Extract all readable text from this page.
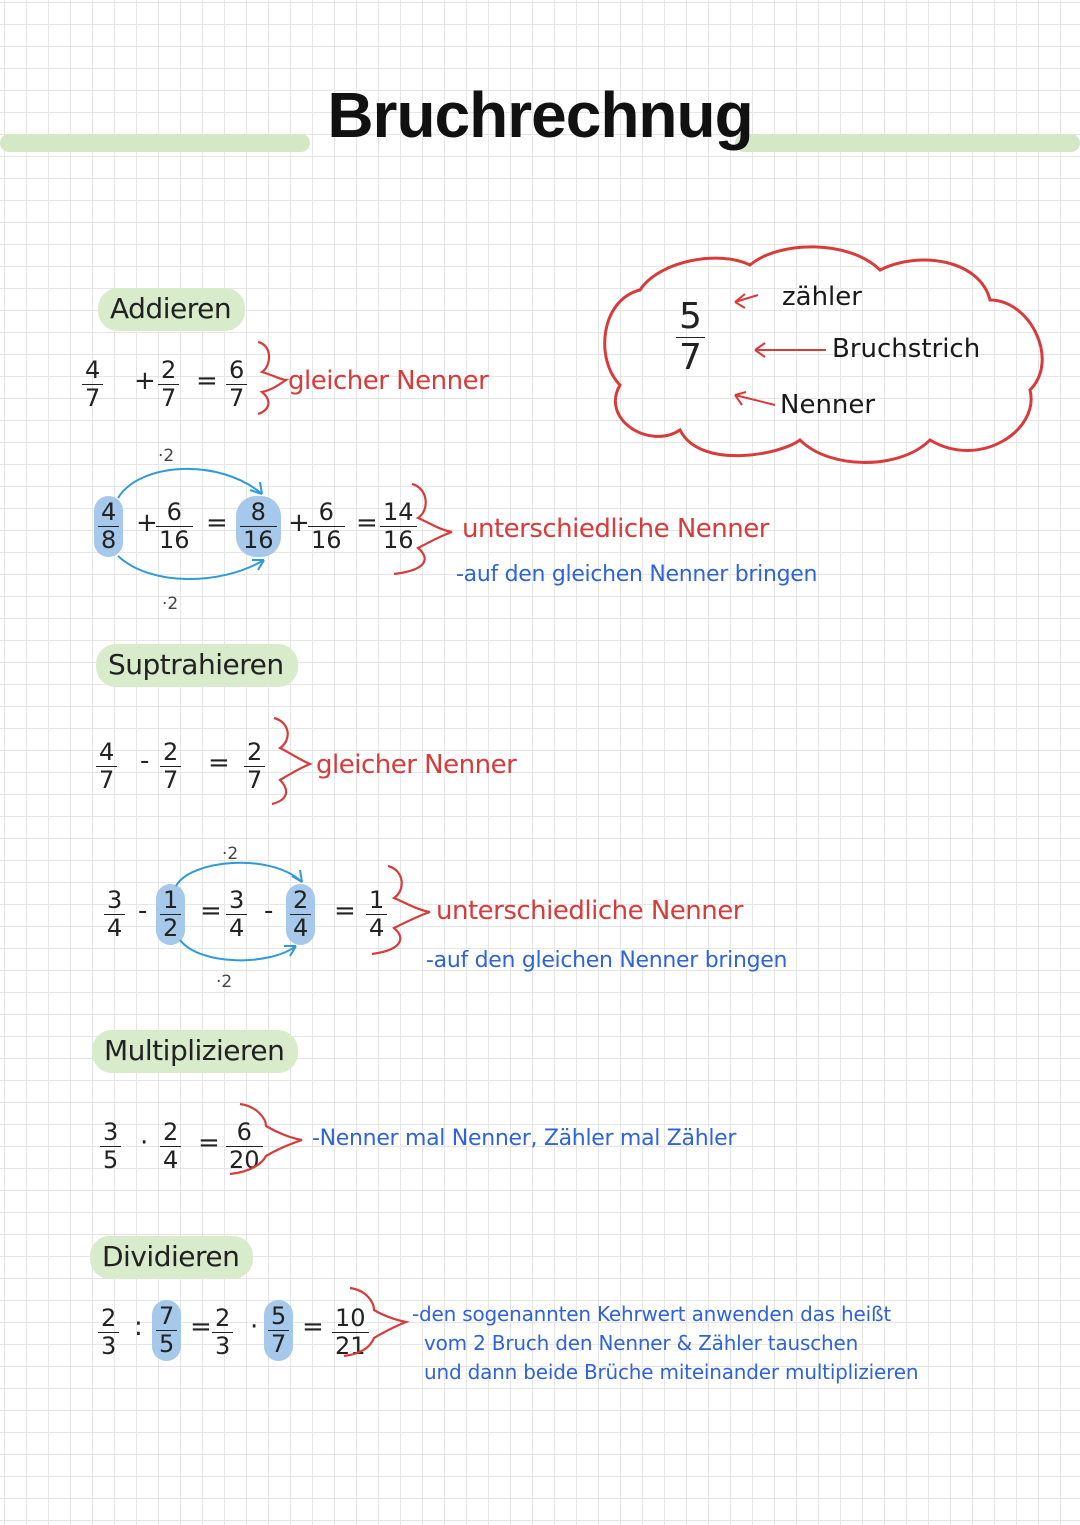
Bruchrechnug
5
7
zähler
Bruchstrich
Nenner
Addieren
4
7
+ 2
7
= 6
7
gleicher Nenner
·2
·2
4
8
+ 6
16
= 8
16
+ 6
16
= 14
16 unterschiedliche Nenner
-auf den gleichen Nenner bringen
Suptrahieren
4
7
- 2
7
= 2
7
gleicher Nenner
·2
·2
3
4
- 1
2
= 3
4
- 2
4
= 1
4
unterschiedliche Nenner
-auf den gleichen Nenner bringen
Multiplizieren
3
5
· 2
4
= 6
20
-Nenner mal Nenner, Zähler mal Zähler
Dividieren
2
3
: 7
5
= 2
3
· 5
7
= 10
21
-den sogenannten Kehrwert anwenden das heißt
vom 2 Bruch den Nenner & Zähler tauschen
und dann beide Brüche miteinander multiplizieren
